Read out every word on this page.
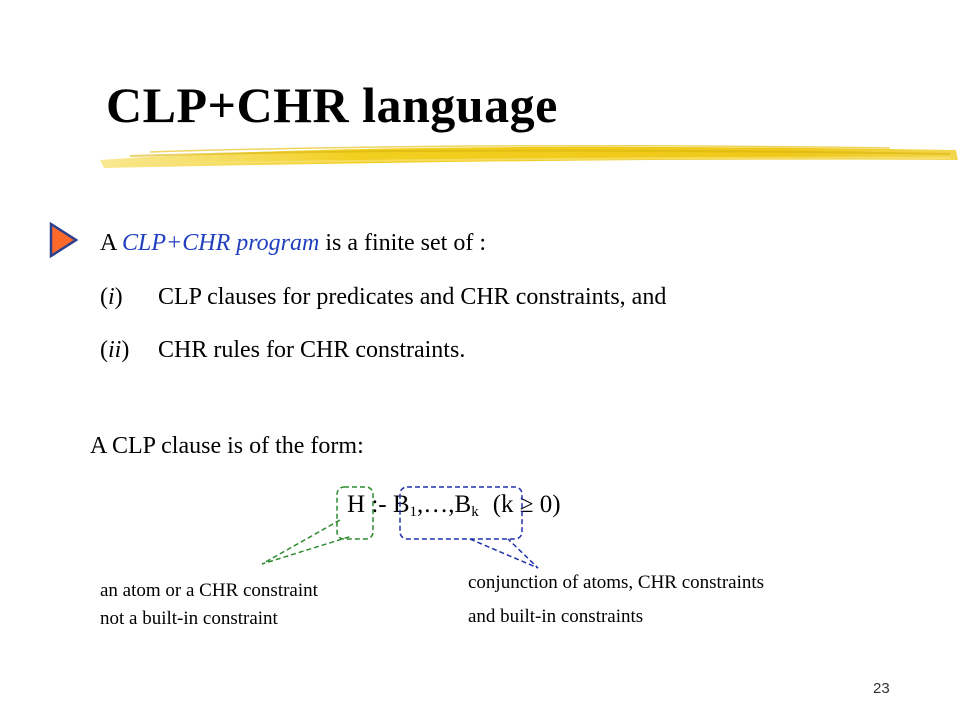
CLP+CHR language
A CLP+CHR program is a finite set of :
(i) CLP clauses for predicates and CHR constraints, and
(ii) CHR rules for CHR constraints.
A CLP clause is of the form:
H :- $B_1,\dots,B_k$ (k ≥ 0)
an atom or a CHR constraint
not a built-in constraint
conjunction of atoms, CHR constraints
and built-in constraints
23
